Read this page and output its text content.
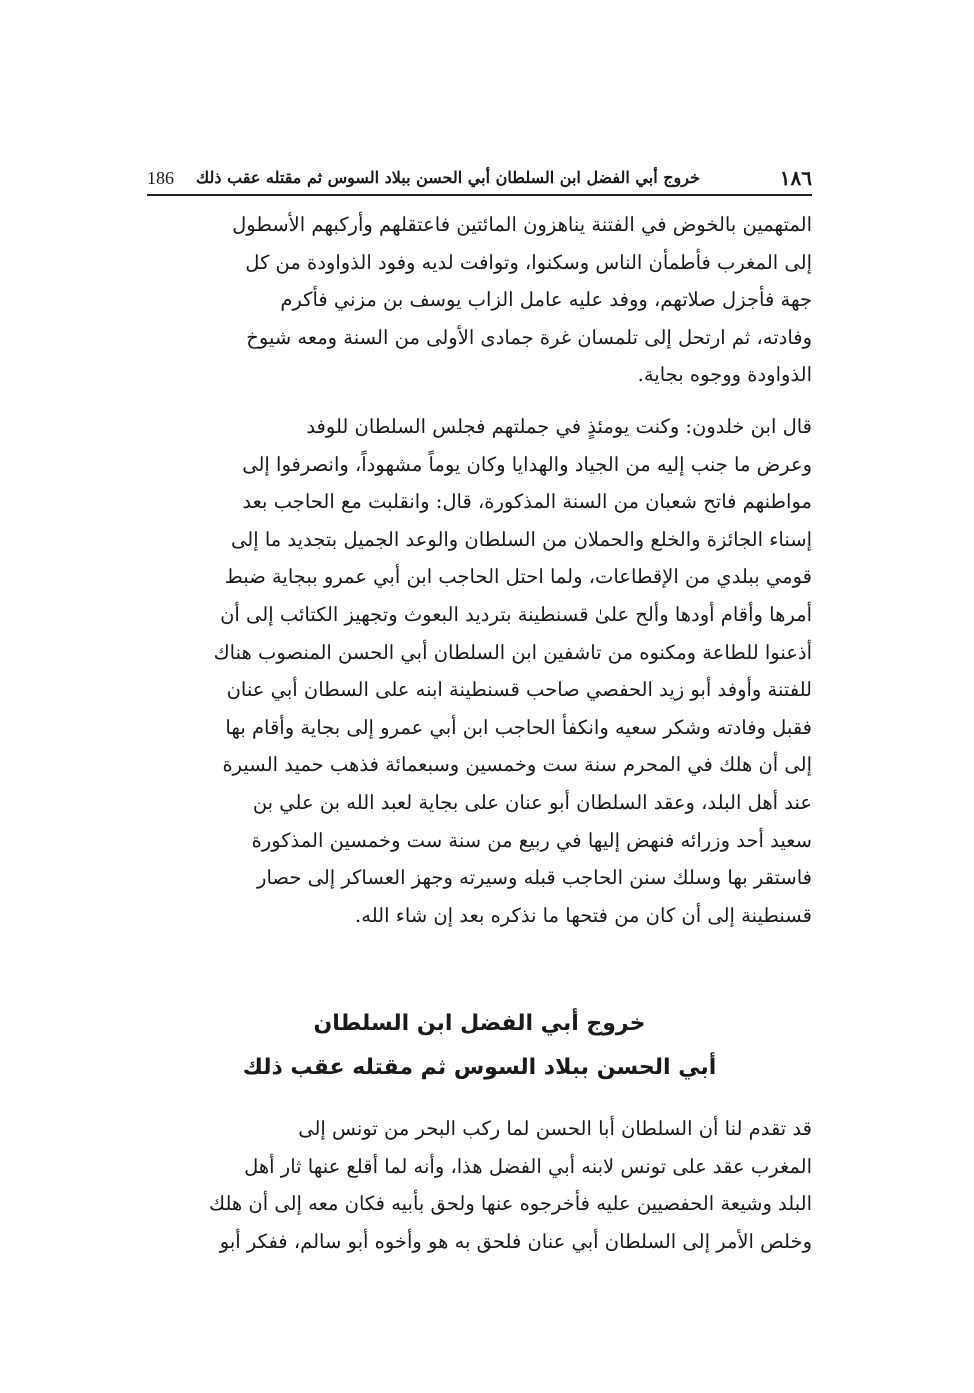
١٨٦
خروج أبي الفضل ابن السلطان أبي الحسن ببلاد السوس ثم مقتله عقب ذلك
186
المتهمين بالخوض في الفتنة يناهزون المائتين فاعتقلهم وأركبهم الأسطول
إلى المغرب فأطمأن الناس وسكنوا، وتوافت لديه وفود الذواودة من كل
جهة فأجزل صلاتهم، ووفد عليه عامل الزاب يوسف بن مزني فأكرم
وفادته، ثم ارتحل إلى تلمسان غرة جمادى الأولى من السنة ومعه شيوخ
الذواودة ووجوه بجاية.
قال ابن خلدون: وكنت يومئذٍ في جملتهم فجلس السلطان للوفد
وعرض ما جنب إليه من الجياد والهدايا وكان يوماً مشهوداً، وانصرفوا إلى
مواطنهم فاتح شعبان من السنة المذكورة، قال: وانقلبت مع الحاجب بعد
إسناء الجائزة والخلع والحملان من السلطان والوعد الجميل بتجديد ما إلى
قومي ببلدي من الإقطاعات، ولما احتل الحاجب ابن أبي عمرو ببجاية ضبط
أمرها وأقام أودها وألح علىٰ قسنطينة بترديد البعوث وتجهيز الكتائب إلى أن
أذعنوا للطاعة ومكنوه من تاشفين ابن السلطان أبي الحسن المنصوب هناك
للفتنة وأوفد أبو زيد الحفصي صاحب قسنطينة ابنه على السطان أبي عنان
فقبل وفادته وشكر سعيه وانكفأ الحاجب ابن أبي عمرو إلى بجاية وأقام بها
إلى أن هلك في المحرم سنة ست وخمسين وسبعمائة فذهب حميد السيرة
عند أهل البلد، وعقد السلطان أبو عنان على بجاية لعبد الله بن علي بن
سعيد أحد وزرائه فنهض إليها في ربيع من سنة ست وخمسين المذكورة
فاستقر بها وسلك سنن الحاجب قبله وسيرته وجهز العساكر إلى حصار
قسنطينة إلى أن كان من فتحها ما نذكره بعد إن شاء الله.
خروج أبي الفضل ابن السلطان
أبي الحسن ببلاد السوس ثم مقتله عقب ذلك
قد تقدم لنا أن السلطان أبا الحسن لما ركب البحر من تونس إلى
المغرب عقد على تونس لابنه أبي الفضل هذا، وأنه لما أقلع عنها ثار أهل
البلد وشيعة الحفصيين عليه فأخرجوه عنها ولحق بأبيه فكان معه إلى أن هلك
وخلص الأمر إلى السلطان أبي عنان فلحق به هو وأخوه أبو سالم، ففكر أبو
